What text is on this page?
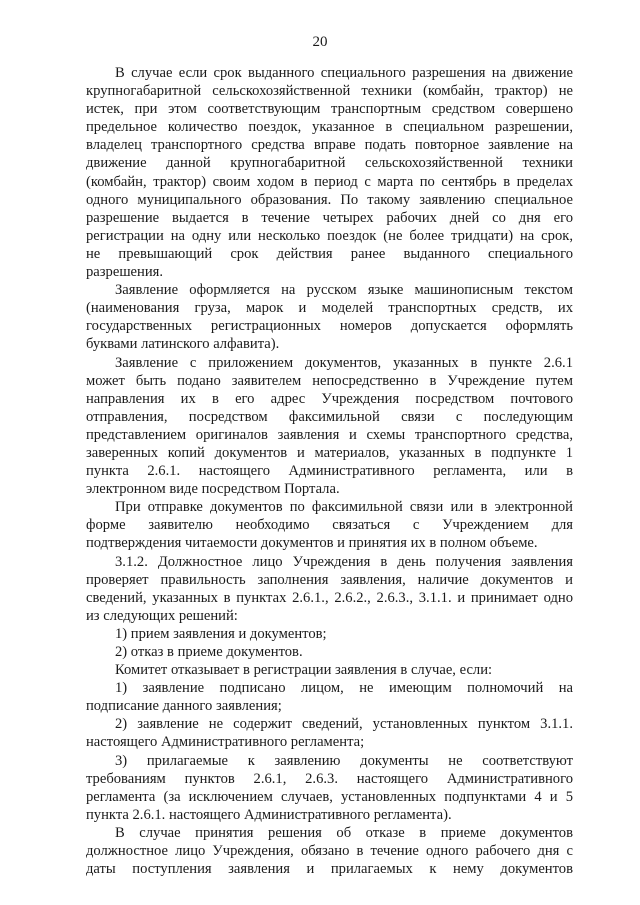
20

В случае если срок выданного специального разрешения на движение
крупногабаритной сельскохозяйственной техники (комбайн, трактор) не
истек, при этом соответствующим транспортным средством совершено
предельное количество поездок, указанное в специальном разрешении,
владелец транспортного средства вправе подать повторное заявление на
движение данной крупногабаритной сельскохозяйственной техники
(комбайн, трактор) своим ходом в период с марта по сентябрь в пределах
одного муниципального образования. По такому заявлению специальное
разрешение выдается в течение четырех рабочих дней со дня его
регистрации на одну или несколько поездок (не более тридцати) на срок,
не превышающий срок действия ранее выданного специального
разрешения.

Заявление оформляется на русском языке машинописным текстом
(наименования груза, марок и моделей транспортных средств, их
государственных регистрационных номеров допускается оформлять
буквами латинского алфавита).

Заявление с приложением документов, указанных в пункте 2.6.1
может быть подано заявителем непосредственно в Учреждение путем
направления их в его адрес Учреждения посредством почтового
отправления, посредством факсимильной связи с последующим
представлением оригиналов заявления и схемы транспортного средства,
заверенных копий документов и материалов, указанных в подпункте 1
пункта 2.6.1. настоящего Административного регламента, или в
электронном виде посредством Портала.

При отправке документов по факсимильной связи или в электронной
форме заявителю необходимо связаться с Учреждением для
подтверждения читаемости документов и принятия их в полном объеме.

3.1.2. Должностное лицо Учреждения в день получения заявления
проверяет правильность заполнения заявления, наличие документов и
сведений, указанных в пунктах 2.6.1., 2.6.2., 2.6.3., 3.1.1. и принимает одно
из следующих решений:

1) прием заявления и документов;

2) отказ в приеме документов.

Комитет отказывает в регистрации заявления в случае, если:

1) заявление подписано лицом, не имеющим полномочий на
подписание данного заявления;

2) заявление не содержит сведений, установленных пунктом 3.1.1.
настоящего Административного регламента;

3) прилагаемые к заявлению документы не соответствуют
требованиям пунктов 2.6.1, 2.6.3. настоящего Административного
регламента (за исключением случаев, установленных подпунктами 4 и 5
пункта 2.6.1. настоящего Административного регламента).

В случае принятия решения об отказе в приеме документов
должностное лицо Учреждения, обязано в течение одного рабочего дня с
даты поступления заявления и прилагаемых к нему документов
